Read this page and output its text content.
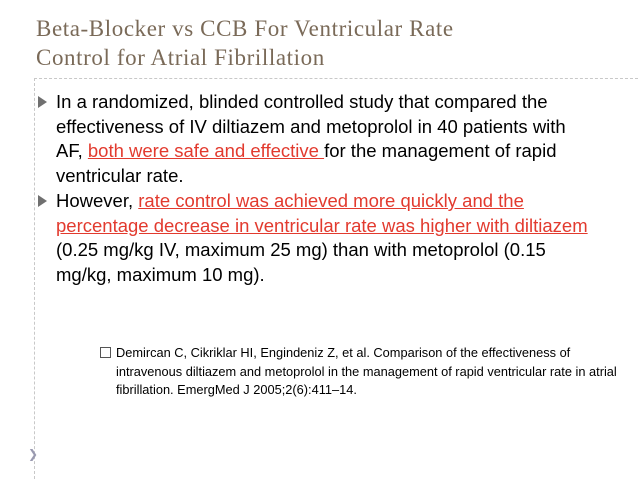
Beta-Blocker vs CCB For Ventricular Rate
Control for Atrial Fibrillation

In a randomized, blinded controlled study that compared the effectiveness of IV diltiazem and metoprolol in 40 patients with AF, both were safe and effective for the management of rapid ventricular rate.

However, rate control was achieved more quickly and the percentage decrease in ventricular rate was higher with diltiazem (0.25 mg/kg IV, maximum 25 mg) than with metoprolol (0.15 mg/kg, maximum 10 mg).

Demircan C, Cikriklar HI, Engindeniz Z, et al. Comparison of the effectiveness of intravenous diltiazem and metoprolol in the management of rapid ventricular rate in atrial fibrillation. EmergMed J 2005;2(6):411–14.
❯
